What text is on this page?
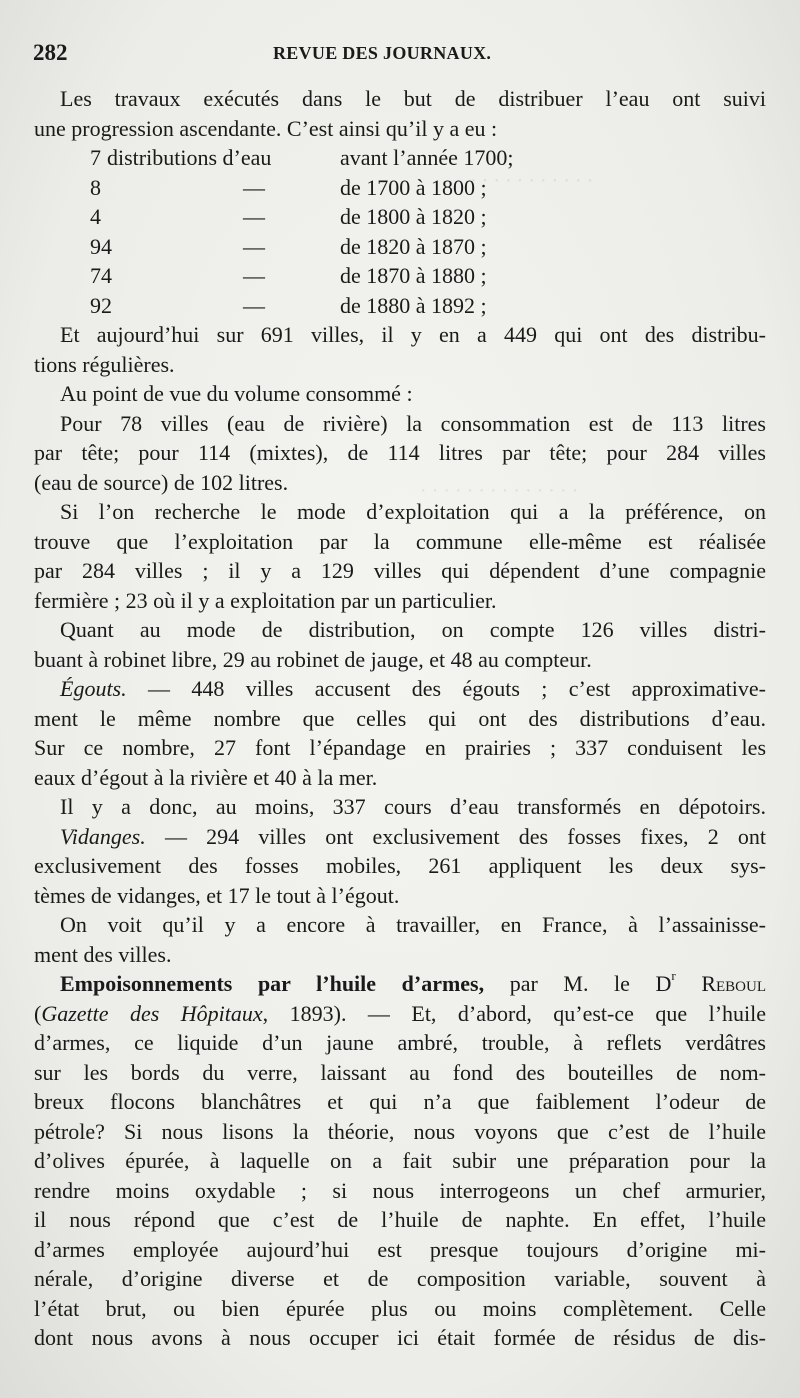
· · · · · · · · · · ·
· · · · · · · · · · · · · ·
282	REVUE DES JOURNAUX.
Les travaux exécutés dans le but de distribuer l’eau ont suivi
une progression ascendante. C’est ainsi qu’il y a eu :
7 distributions d’eau	avant l’année 1700;
8	—	de 1700 à 1800 ;
4	—	de 1800 à 1820 ;
94	—	de 1820 à 1870 ;
74	—	de 1870 à 1880 ;
92	—	de 1880 à 1892 ;
Et aujourd’hui sur 691 villes, il y en a 449 qui ont des distribu-
tions régulières.
Au point de vue du volume consommé :
Pour 78 villes (eau de rivière) la consommation est de 113 litres
par tête; pour 114 (mixtes), de 114 litres par tête; pour 284 villes
(eau de source) de 102 litres.
Si l’on recherche le mode d’exploitation qui a la préférence, on
trouve que l’exploitation par la commune elle-même est réalisée
par 284 villes ; il y a 129 villes qui dépendent d’une compagnie
fermière ; 23 où il y a exploitation par un particulier.
Quant au mode de distribution, on compte 126 villes distri-
buant à robinet libre, 29 au robinet de jauge, et 48 au compteur.
Égouts. — 448 villes accusent des égouts ; c’est approximative-
ment le même nombre que celles qui ont des distributions d’eau.
Sur ce nombre, 27 font l’épandage en prairies ; 337 conduisent les
eaux d’égout à la rivière et 40 à la mer.
Il y a donc, au moins, 337 cours d’eau transformés en dépotoirs.
Vidanges. — 294 villes ont exclusivement des fosses fixes, 2 ont
exclusivement des fosses mobiles, 261 appliquent les deux sys-
tèmes de vidanges, et 17 le tout à l’égout.
On voit qu’il y a encore à travailler, en France, à l’assainisse-
ment des villes.
Empoisonnements par l’huile d’armes, par M. le $D^r$ Reboul
(Gazette des Hôpitaux, 1893). — Et, d’abord, qu’est-ce que l’huile
d’armes, ce liquide d’un jaune ambré, trouble, à reflets verdâtres
sur les bords du verre, laissant au fond des bouteilles de nom-
breux flocons blanchâtres et qui n’a que faiblement l’odeur de
pétrole? Si nous lisons la théorie, nous voyons que c’est de l’huile
d’olives épurée, à laquelle on a fait subir une préparation pour la
rendre moins oxydable ; si nous interrogeons un chef armurier,
il nous répond que c’est de l’huile de naphte. En effet, l’huile
d’armes employée aujourd’hui est presque toujours d’origine mi-
nérale, d’origine diverse et de composition variable, souvent à
l’état brut, ou bien épurée plus ou moins complètement. Celle
dont nous avons à nous occuper ici était formée de résidus de dis-
